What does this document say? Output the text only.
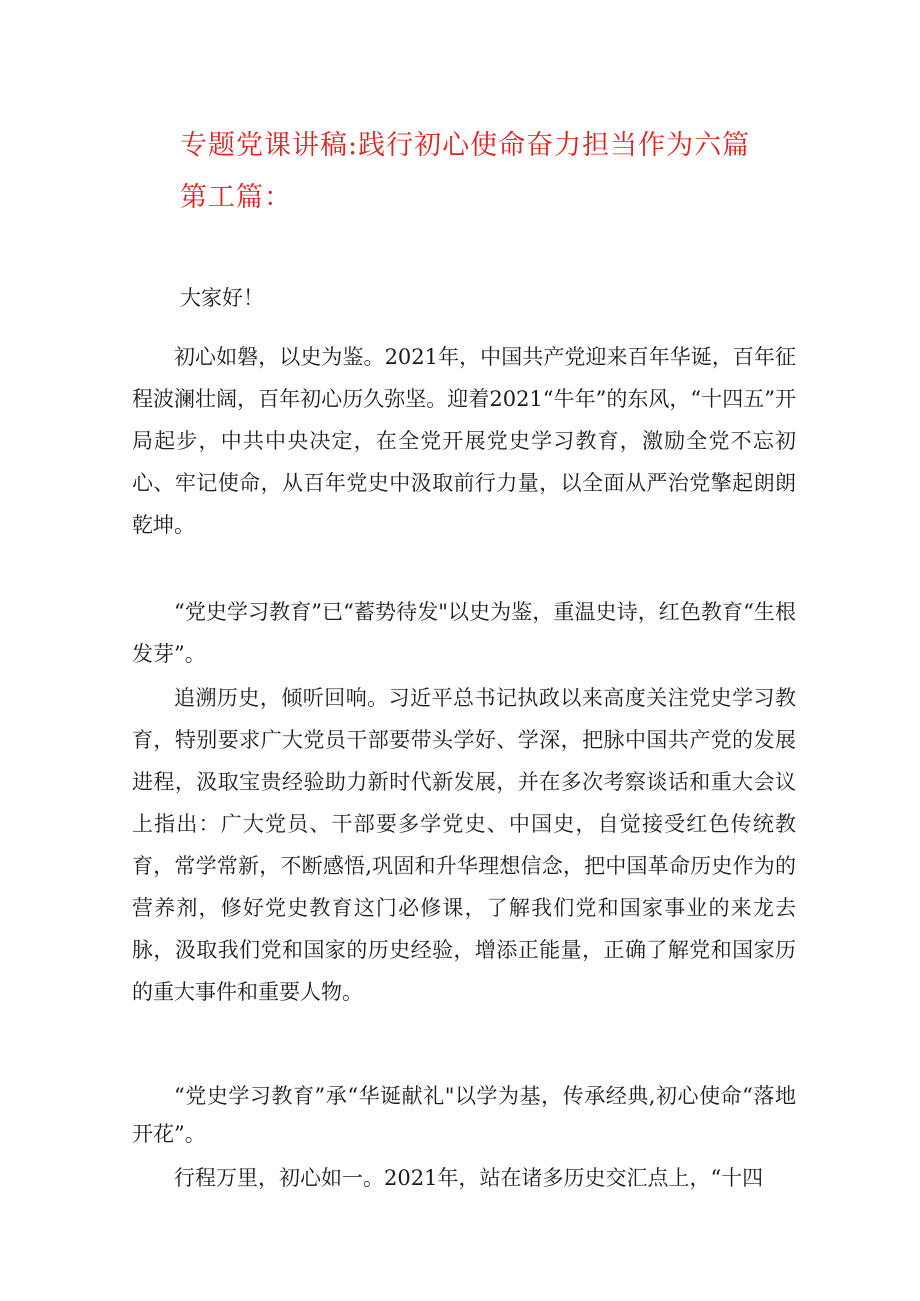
专题党课讲稿:践行初心使命奋力担当作为六篇
第工篇：

大家好！

初心如磐，以史为鉴。2021年，中国共产党迎来百年华诞，百年征程波澜壮阔，百年初心历久弥坚。迎着2021“牛年”的东风，“十四五”开局起步，中共中央决定，在全党开展党史学习教育，激励全党不忘初心、牢记使命，从百年党史中汲取前行力量，以全面从严治党擎起朗朗乾坤。

“党史学习教育”已“蓄势待发"以史为鉴，重温史诗，红色教育“生根发芽”。

追溯历史，倾听回响。习近平总书记执政以来高度关注党史学习教育，特别要求广大党员干部要带头学好、学深，把脉中国共产党的发展进程，汲取宝贵经验助力新时代新发展，并在多次考察谈话和重大会议上指出：广大党员、干部要多学党史、中国史，自觉接受红色传统教育，常学常新，不断感悟,巩固和升华理想信念，把中国革命历史作为的营养剂，修好党史教育这门必修课，了解我们党和国家事业的来龙去脉，汲取我们党和国家的历史经验，增添正能量，正确了解党和国家历的重大事件和重要人物。

“党史学习教育”承“华诞献礼"以学为基，传承经典,初心使命“落地开花”。

行程万里，初心如一。2021年，站在诸多历史交汇点上，“十四
